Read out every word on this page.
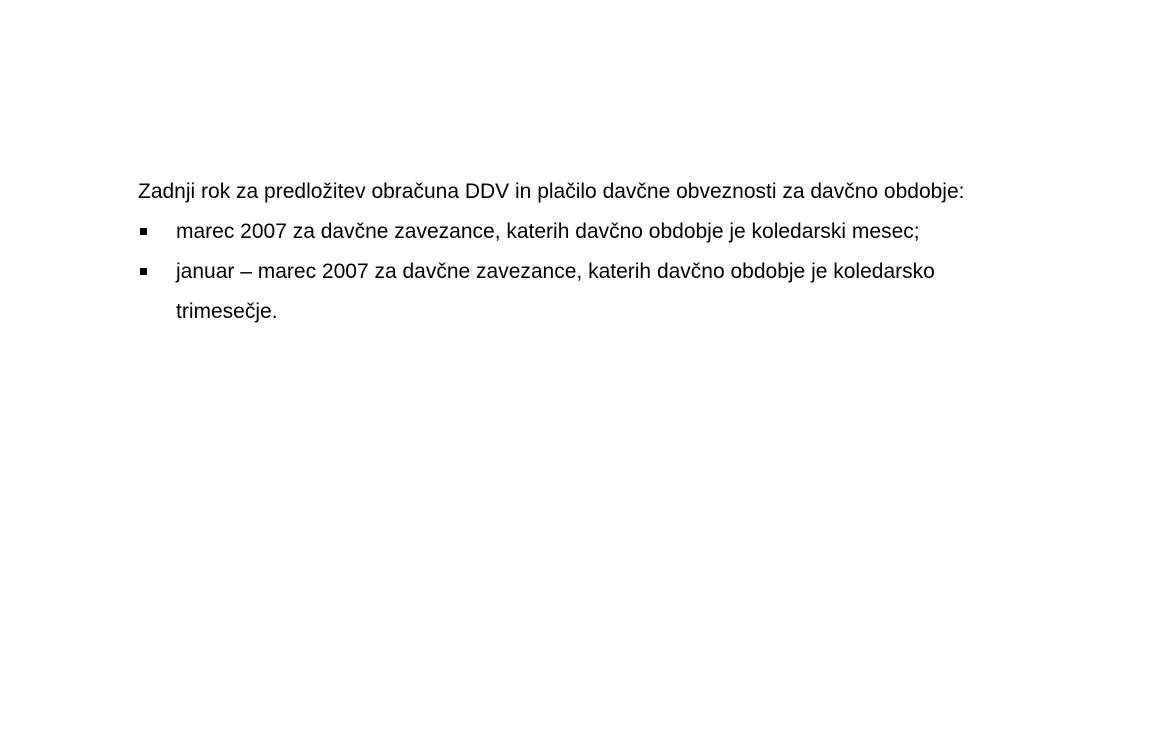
Zadnji rok za predložitev obračuna DDV in plačilo davčne obveznosti za davčno obdobje:

marec 2007 za davčne zavezance, katerih davčno obdobje je koledarski mesec;
januar – marec 2007 za davčne zavezance, katerih davčno obdobje je koledarsko trimesečje.
